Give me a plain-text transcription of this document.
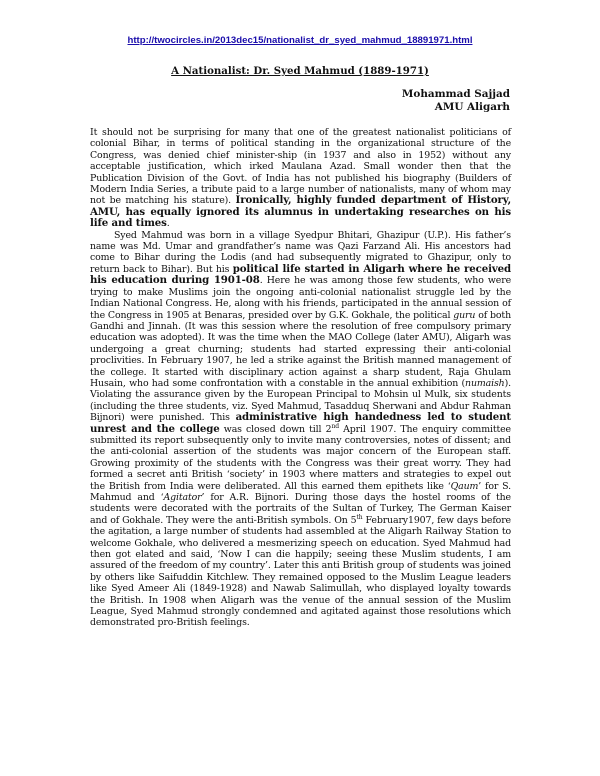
http://twocircles.in/2013dec15/nationalist_dr_syed_mahmud_18891971.html
A Nationalist: Dr. Syed Mahmud (1889-1971)
Mohammad Sajjad
AMU Aligarh

It should not be surprising for many that one of the greatest nationalist politicians of colonial Bihar, in terms of political standing in the organizational structure of the Congress, was denied chief minister-ship (in 1937 and also in 1952) without any acceptable justification, which irked Maulana Azad. Small wonder then that the Publication Division of the Govt. of India has not published his biography (Builders of Modern India Series, a tribute paid to a large number of nationalists, many of whom may not be matching his stature). Ironically, highly funded department of History, AMU, has equally ignored its alumnus in undertaking researches on his life and times.

Syed Mahmud was born in a village Syedpur Bhitari, Ghazipur (U.P.). His father’s name was Md. Umar and grandfather’s name was Qazi Farzand Ali. His ancestors had come to Bihar during the Lodis (and had subsequently migrated to Ghazipur, only to return back to Bihar). But his political life started in Aligarh where he received his education during 1901-08. Here he was among those few students, who were trying to make Muslims join the ongoing anti-colonial nationalist struggle led by the Indian National Congress. He, along with his friends, participated in the annual session of the Congress in 1905 at Benaras, presided over by G.K. Gokhale, the political guru of both Gandhi and Jinnah. (It was this session where the resolution of free compulsory primary education was adopted). It was the time when the MAO College (later AMU), Aligarh was undergoing a great churning; students had started expressing their anti-colonial proclivities. In February 1907, he led a strike against the British manned management of the college. It started with disciplinary action against a sharp student, Raja Ghulam Husain, who had some confrontation with a constable in the annual exhibition (numaish). Violating the assurance given by the European Principal to Mohsin ul Mulk, six students (including the three students, viz. Syed Mahmud, Tasadduq Sherwani and Abdur Rahman Bijnori) were punished. This administrative high handedness led to student unrest and the college was closed down till 2nd April 1907. The enquiry committee submitted its report subsequently only to invite many controversies, notes of dissent; and the anti-colonial assertion of the students was major concern of the European staff. Growing proximity of the students with the Congress was their great worry. They had formed a secret anti British ‘society’ in 1903 where matters and strategies to expel out the British from India were deliberated. All this earned them epithets like ‘Qaum’ for S. Mahmud and ‘Agitator’ for A.R. Bijnori. During those days the hostel rooms of the students were decorated with the portraits of the Sultan of Turkey, The German Kaiser and of Gokhale. They were the anti-British symbols. On 5th February1907, few days before the agitation, a large number of students had assembled at the Aligarh Railway Station to welcome Gokhale, who delivered a mesmerizing speech on education. Syed Mahmud had then got elated and said, ‘Now I can die happily; seeing these Muslim students, I am assured of the freedom of my country’. Later this anti British group of students was joined by others like Saifuddin Kitchlew. They remained opposed to the Muslim League leaders like Syed Ameer Ali (1849-1928) and Nawab Salimullah, who displayed loyalty towards the British. In 1908 when Aligarh was the venue of the annual session of the Muslim League, Syed Mahmud strongly condemned and agitated against those resolutions which demonstrated pro-British feelings.
